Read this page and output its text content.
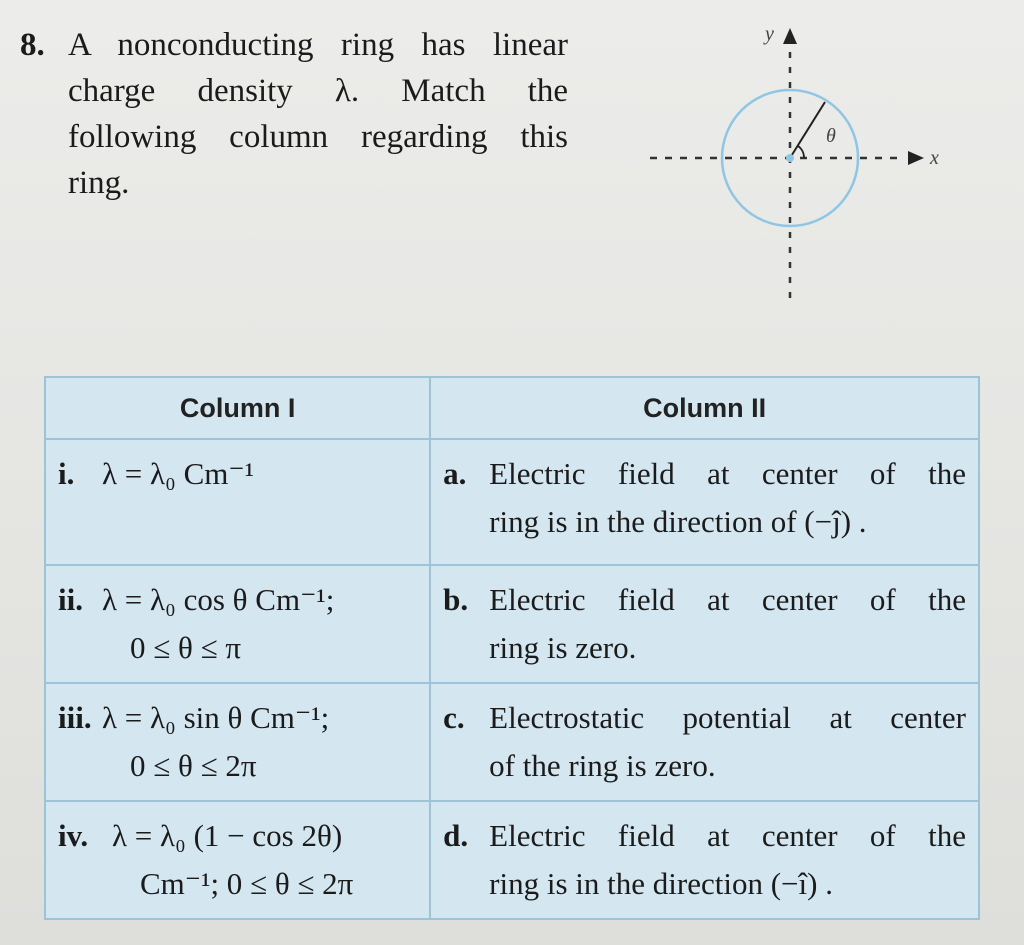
8. A nonconducting ring has linear
charge density λ. Match the
following column regarding this
ring.
x
y
θ
Column I	Column II

i. λ = λ₀ Cm⁻¹	a. Electric field at center of the
ring is in the direction of (−ĵ) .

ii. λ = λ₀ cos θ Cm⁻¹;
0 ≤ θ ≤ π	b. Electric field at center of the
ring is zero.

iii. λ = λ₀ sin θ Cm⁻¹;
0 ≤ θ ≤ 2π	c. Electrostatic potential at center
of the ring is zero.

iv. λ = λ₀ (1 − cos 2θ)
Cm⁻¹; 0 ≤ θ ≤ 2π	d. Electric field at center of the
ring is in the direction (−î) .
